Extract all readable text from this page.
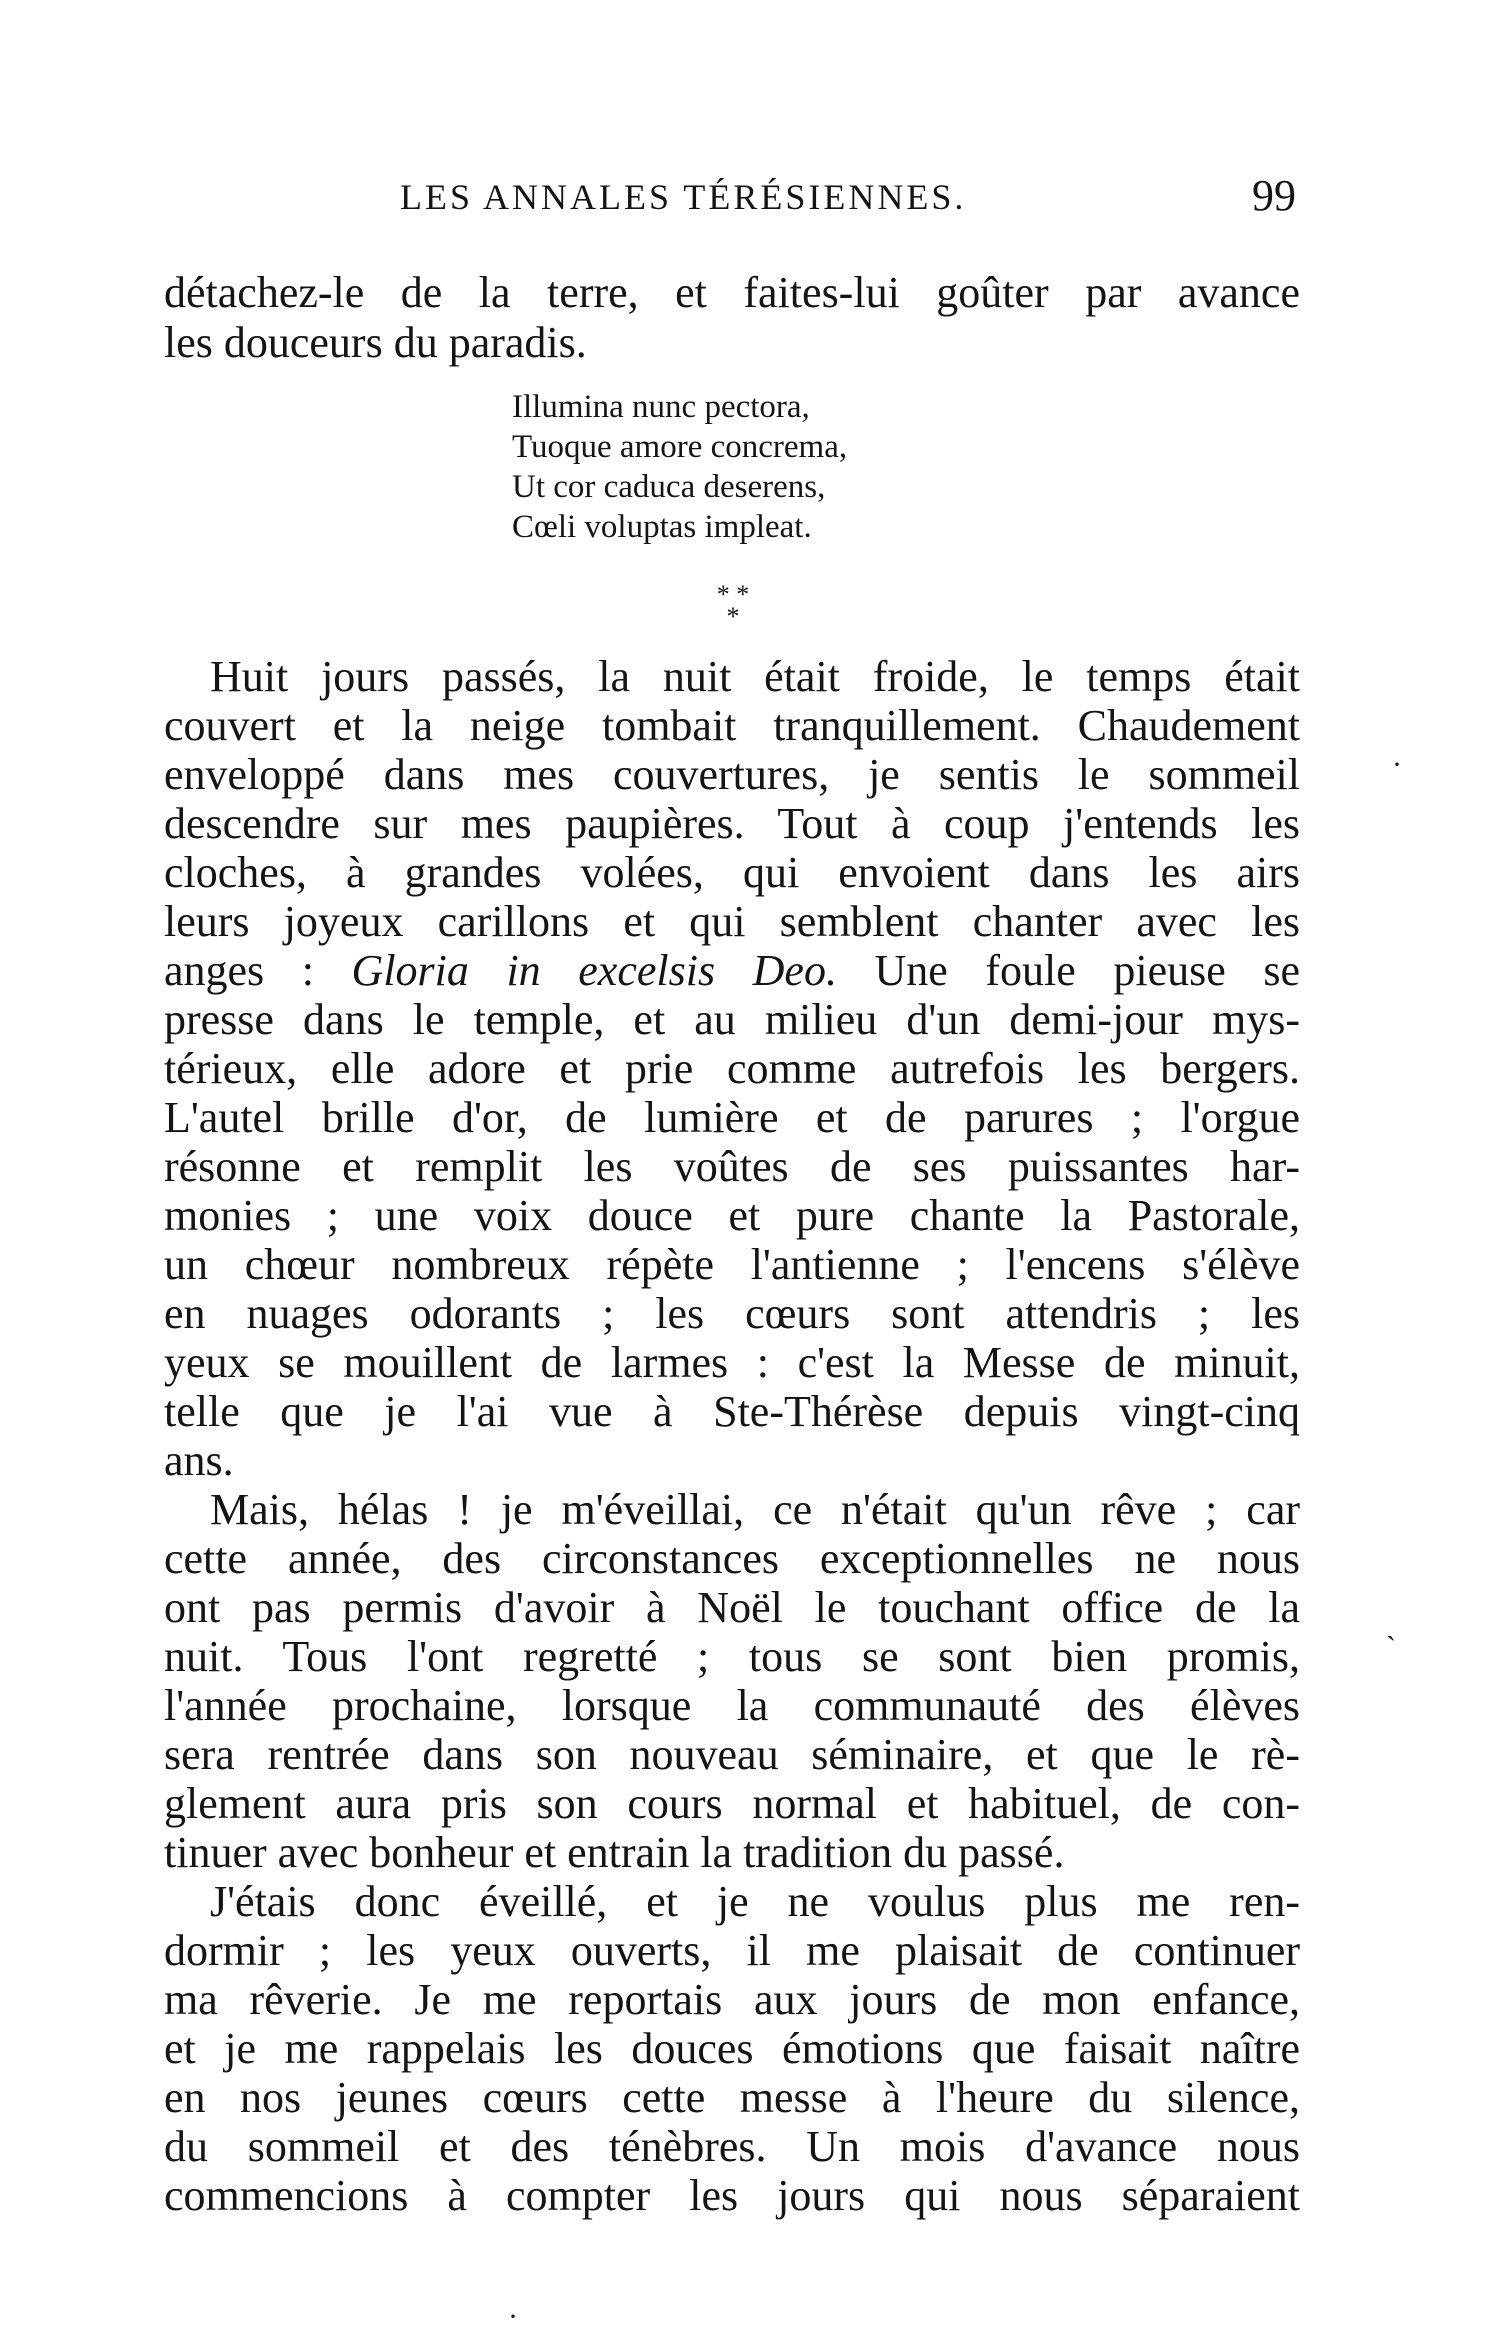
LES ANNALES TÉRÉSIENNES.	99
détachez-le de la terre, et faites-lui goûter par avance
les douceurs du paradis.
Illumina nunc pectora,
Tuoque amore concrema,
Ut cor caduca deserens,
Cœli voluptas impleat.
* *
*
Huit jours passés, la nuit était froide, le temps était
couvert et la neige tombait tranquillement. Chaudement
enveloppé dans mes couvertures, je sentis le sommeil
descendre sur mes paupières. Tout à coup j'entends les
cloches, à grandes volées, qui envoient dans les airs
leurs joyeux carillons et qui semblent chanter avec les
anges : Gloria in excelsis Deo. Une foule pieuse se
presse dans le temple, et au milieu d'un demi-jour mys-
térieux, elle adore et prie comme autrefois les bergers.
L'autel brille d'or, de lumière et de parures ; l'orgue
résonne et remplit les voûtes de ses puissantes har-
monies ; une voix douce et pure chante la Pastorale,
un chœur nombreux répète l'antienne ; l'encens s'élève
en nuages odorants ; les cœurs sont attendris ; les
yeux se mouillent de larmes : c'est la Messe de minuit,
telle que je l'ai vue à Ste-Thérèse depuis vingt-cinq
ans.
Mais, hélas ! je m'éveillai, ce n'était qu'un rêve ; car
cette année, des circonstances exceptionnelles ne nous
ont pas permis d'avoir à Noël le touchant office de la
nuit. Tous l'ont regretté ; tous se sont bien promis,
l'année prochaine, lorsque la communauté des élèves
sera rentrée dans son nouveau séminaire, et que le rè-
glement aura pris son cours normal et habituel, de con-
tinuer avec bonheur et entrain la tradition du passé.
J'étais donc éveillé, et je ne voulus plus me ren-
dormir ; les yeux ouverts, il me plaisait de continuer
ma rêverie. Je me reportais aux jours de mon enfance,
et je me rappelais les douces émotions que faisait naître
en nos jeunes cœurs cette messe à l'heure du silence,
du sommeil et des ténèbres. Un mois d'avance nous
commencions à compter les jours qui nous séparaient
·
ˏ
·
